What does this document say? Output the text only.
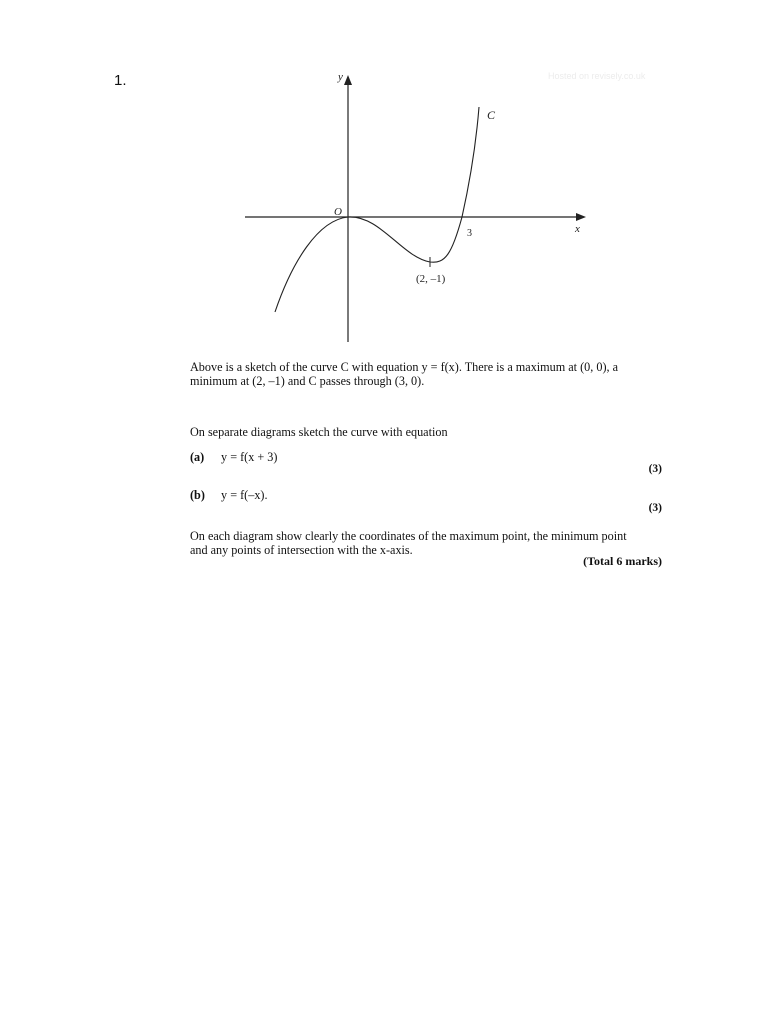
1.	Hosted on revisely.co.uk
y
x
O
C
3
(2, –1)
Above is a sketch of the curve C with equation y = f(x). There is a maximum at (0, 0), a minimum at (2, –1) and C passes through (3, 0).
On separate diagrams sketch the curve with equation
(a) y = f(x + 3)
(3)
(b) y = f(–x).
(3)
On each diagram show clearly the coordinates of the maximum point, the minimum point and any points of intersection with the x-axis.
(Total 6 marks)
